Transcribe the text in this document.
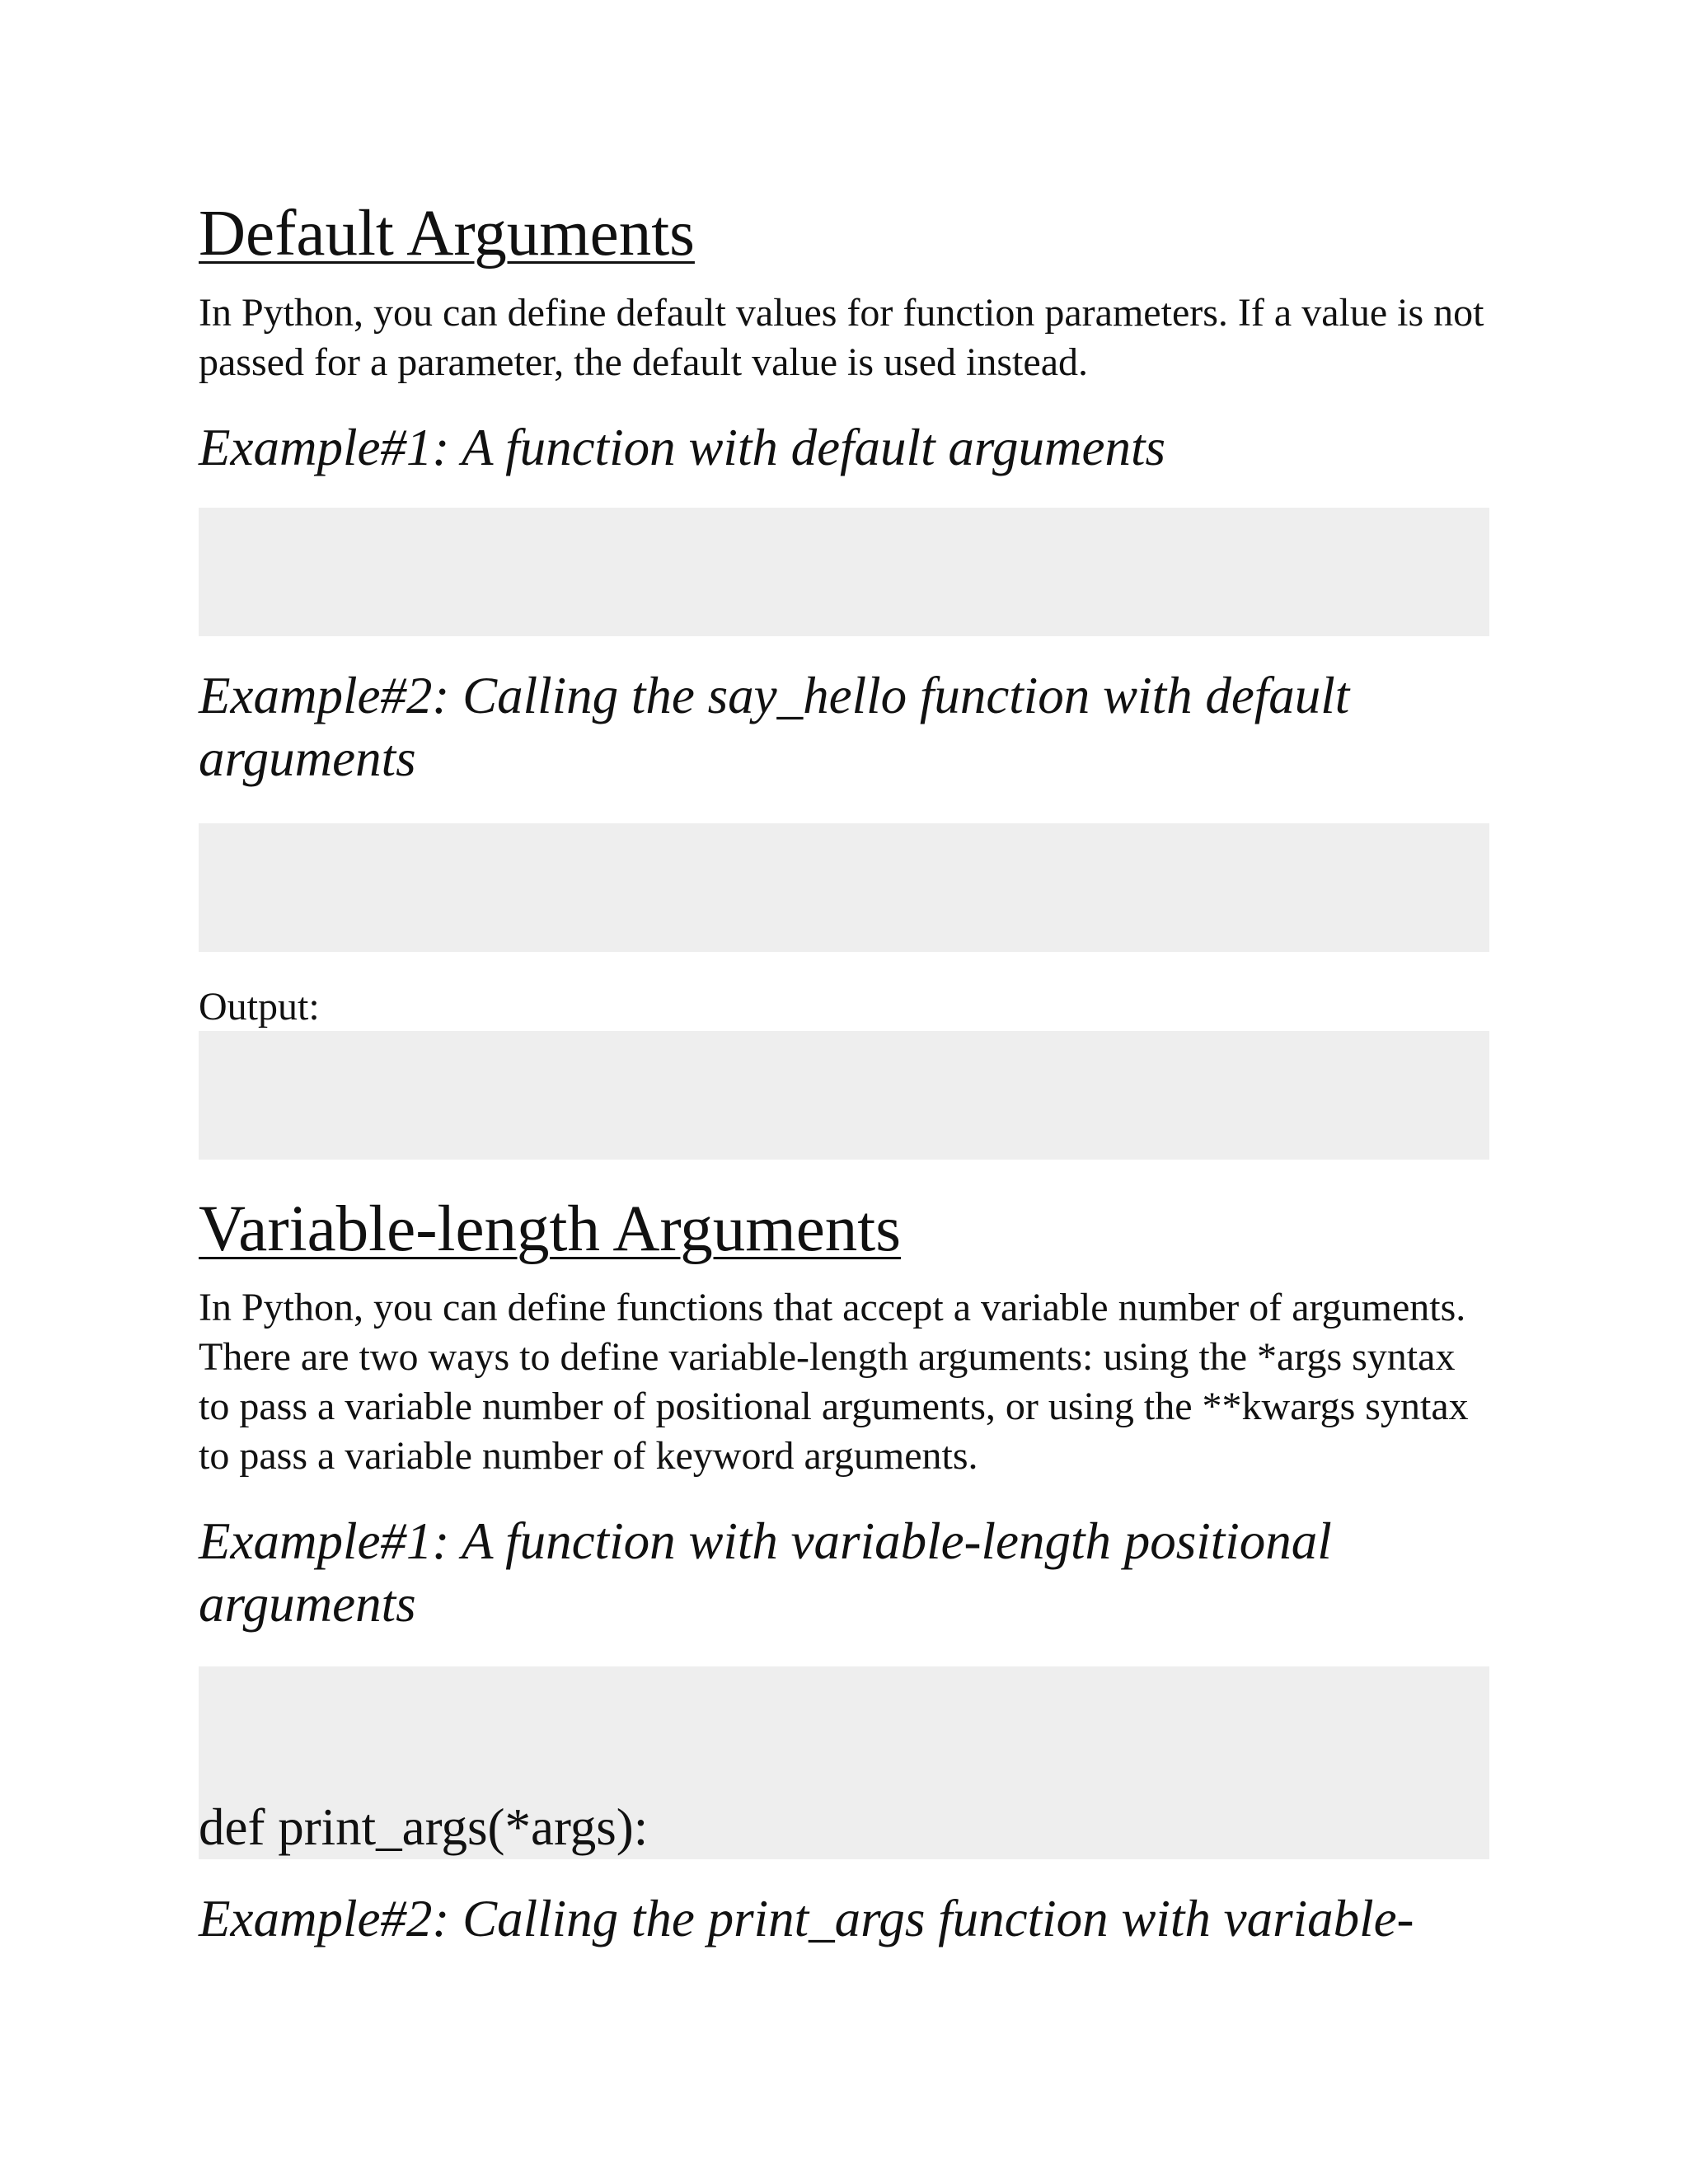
Default Arguments
In Python, you can define default values for function parameters. If a value is not passed for a parameter, the default value is used instead.
Example#1: A function with default arguments

Example#2: Calling the say_hello function with default arguments

Output:

Variable-length Arguments
In Python, you can define functions that accept a variable number of arguments. There are two ways to define variable-length arguments: using the *args syntax to pass a variable number of positional arguments, or using the **kwargs syntax to pass a variable number of keyword arguments.
Example#1: A function with variable-length positional arguments

def print_args(*args):

Example#2: Calling the print_args function with variable-
